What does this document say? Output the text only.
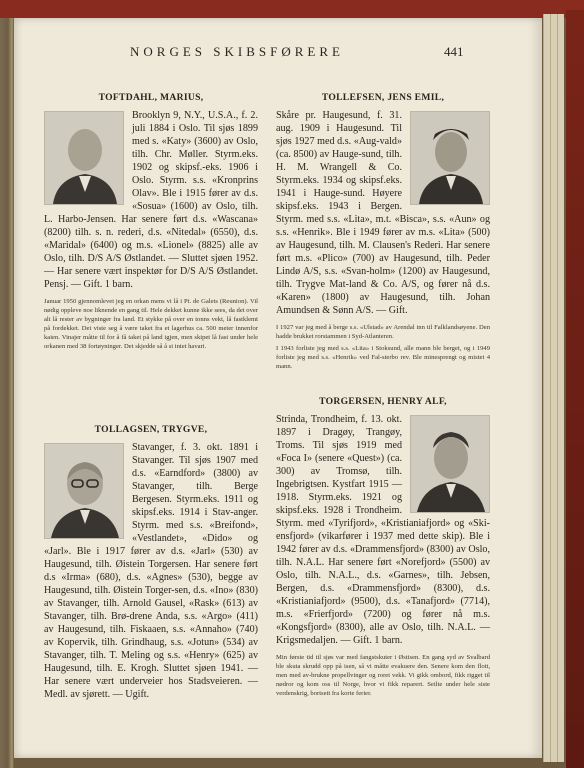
NORGES SKIBSFØRERE	441
TOFTDAHL, MARIUS,

Brooklyn 9, N.Y., U.S.A., f. 2. juli 1884 i Oslo. Til sjøs 1899 med s. «Katy» (3600) av Oslo, tilh. Chr. Møller. Styrm.eks. 1902 og skipsf.-eks. 1906 i Oslo. Styrm. s.s. «Kronprins Olav». Ble i 1915 fører av d.s. «Sosua» (1600) av Oslo, tilh. L. Harbo-Jensen. Har senere ført d.s. «Wascana» (8200) tilh. s. n. rederi, d.s. «Nitedal» (6550), d.s. «Maridal» (6400) og m.s. «Lionel» (8825) alle av Oslo, tilh. D/S A/S Østlandet. — Sluttet sjøen 1952. — Har senere vært inspektør for D/S A/S Østlandet. Pensj. — Gift. 1 barn.

Januar 1950 gjennomlevet jeg en orkan mens vi lå i Pt. de Galets (Reunion). Vil nødig oppleve noe liknende en gang til. Hele dekket kunne ikke sees, da det over alt lå rester av bygninger fra land. Et stykke på over en tonns vekt, lå fastklemt på fordekket. Det viste seg å være taket fra et lagerhus ca. 500 meter innenfor kaien. Vinajer måtte til for å få taket på land igjen, men skipet lå fast under hele orkanen med 38 fortøyninger. Det skjedde så å si intet havari.

TOLLEFSEN, JENS EMIL,

Skåre pr. Haugesund, f. 31. aug. 1909 i Haugesund. Til sjøs 1927 med d.s. «Aug-vald» (ca. 8500) av Hauge-sund, tilh. H. M. Wrangell & Co. Styrm.eks. 1934 og skipsf.eks. 1941 i Hauge-sund. Høyere skipsf.eks. 1943 i Bergen. Styrm. med s.s. «Lita», m.t. «Bisca», s.s. «Aun» og s.s. «Henrik». Ble i 1949 fører av m.s. «Lita» (500) av Haugesund, tilh. M. Clausen's Rederi. Har senere ført m.s. «Plico» (700) av Haugesund, tilh. Peder Lindø A/S, s.s. «Svan-holm» (1200) av Haugesund, tilh. Trygve Mat-land & Co. A/S, og fører nå d.s. «Karen» (1800) av Haugesund, tilh. Johan Amundsen & Sønn A/S. — Gift.

I 1927 var jeg med å berge s.s. «Ulstad» av Arendal inn til Falklandsøyene. Den hadde brukket rorstammen i Syd-Atlanteren.

I 1943 forliste jeg med s.s. «Lita» i Stoksund, alle mann ble berget, og i 1949 forliste jeg med s.s. «Henrik» ved Fal-sterbo rev. Ble minesprengt og mistet 4 mann.

TOLLAGSEN, TRYGVE,

Stavanger, f. 3. okt. 1891 i Stavanger. Til sjøs 1907 med d.s. «Earndford» (3800) av Stavanger, tilh. Berge Bergesen. Styrm.eks. 1911 og skipsf.eks. 1914 i Stav-anger. Styrm. med s.s. «Breifond», «Vestlandet», «Dido» og «Jarl». Ble i 1917 fører av d.s. «Jarl» (530) av Haugesund, tilh. Øistein Torgersen. Har senere ført d.s «Irma» (680), d.s. «Agnes» (530), begge av Haugesund, tilh. Øistein Torger-sen, d.s. «Ino» (830) av Stavanger, tilh. Arnold Gausel, «Rask» (613) av Stavanger, tilh. Brø-drene Anda, s.s. «Argo» (411) av Haugesund, tilh. Fiskaaen, s.s. «Annaho» (740) av Kopervik, tilh. Grindhaug, s.s. «Jotun» (534) av Stavanger, tilh. T. Meling og s.s. «Henry» (625) av Haugesund, tilh. E. Krogh. Sluttet sjøen 1941. — Har senere vært underveier hos Stadsveieren. — Medl. av sjørett. — Ugift.

TORGERSEN, HENRY ALF,

Strinda, Trondheim, f. 13. okt. 1897 i Dragøy, Trangøy, Troms. Til sjøs 1919 med «Foca I» (senere «Quest») (ca. 300) av Tromsø, tilh. Ingebrigtsen. Kystfart 1915 —1918. Styrm.eks. 1921 og skipsf.eks. 1928 i Trondheim. Styrm. med «Tyrifjord», «Kristianiafjord» og «Ski-ensfjord» (vikarfører i 1937 med dette skip). Ble i 1942 fører av d.s. «Drammensfjord» (8300) av Oslo, tilh. N.A.L. Har senere ført «Norefjord» (5500) av Oslo, tilh. N.A.L., d.s. «Garnes», tilh. Jebsen, Bergen, d.s. «Drammensfjord» (8300), d.s. «Kristianiafjord» (9500), d.s. «Tanafjord» (7714), m.s. «Frierfjord» (7200) og fører nå m.s. «Kongsfjord» (8300), alle av Oslo, tilh. N.A.L. — Krigsmedaljen. — Gift. 1 barn.

Min første tid til sjøs var med fangstskuter i Østisen. En gang syd av Svalbard ble skuta skrudd opp på isen, så vi måtte evakuere den. Senere kom den flott, men med av-brukne propellvinger og roret vekk. Vi gikk ombord, fikk rigget til nødror og kom oss til Norge, hvor vi fikk reparert. Seilte under hele siste verdenskrig, bortsett fra korte ferier.
